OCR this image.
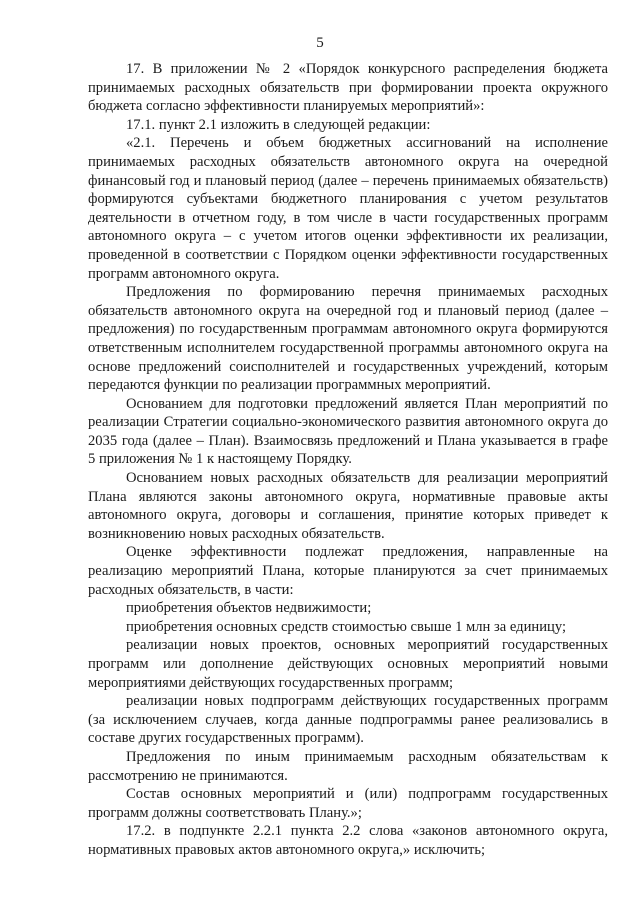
5

17. В приложении № 2 «Порядок конкурсного распределения бюджета принимаемых расходных обязательств при формировании проекта окружного бюджета согласно эффективности планируемых мероприятий»:

17.1. пункт 2.1 изложить в следующей редакции:

«2.1. Перечень и объем бюджетных ассигнований на исполнение принимаемых расходных обязательств автономного округа на очередной финансовый год и плановый период (далее – перечень принимаемых обязательств) формируются субъектами бюджетного планирования с учетом результатов деятельности в отчетном году, в том числе в части государственных программ автономного округа – с учетом итогов оценки эффективности их реализации, проведенной в соответствии с Порядком оценки эффективности государственных программ автономного округа.

Предложения по формированию перечня принимаемых расходных обязательств автономного округа на очередной год и плановый период (далее – предложения) по государственным программам автономного округа формируются ответственным исполнителем государственной программы автономного округа на основе предложений соисполнителей и государственных учреждений, которым передаются функции по реализации программных мероприятий.

Основанием для подготовки предложений является План мероприятий по реализации Стратегии социально-экономического развития автономного округа до 2035 года (далее – План). Взаимосвязь предложений и Плана указывается в графе 5 приложения № 1 к настоящему Порядку.

Основанием новых расходных обязательств для реализации мероприятий Плана являются законы автономного округа, нормативные правовые акты автономного округа, договоры и соглашения, принятие которых приведет к возникновению новых расходных обязательств.

Оценке эффективности подлежат предложения, направленные на реализацию мероприятий Плана, которые планируются за счет принимаемых расходных обязательств, в части:

приобретения объектов недвижимости;

приобретения основных средств стоимостью свыше 1 млн за единицу;

реализации новых проектов, основных мероприятий государственных программ или дополнение действующих основных мероприятий новыми мероприятиями действующих государственных программ;

реализации новых подпрограмм действующих государственных программ (за исключением случаев, когда данные подпрограммы ранее реализовались в составе других государственных программ).

Предложения по иным принимаемым расходным обязательствам к рассмотрению не принимаются.

Состав основных мероприятий и (или) подпрограмм государственных программ должны соответствовать Плану.»;

17.2. в подпункте 2.2.1 пункта 2.2 слова «законов автономного округа, нормативных правовых актов автономного округа,» исключить;
